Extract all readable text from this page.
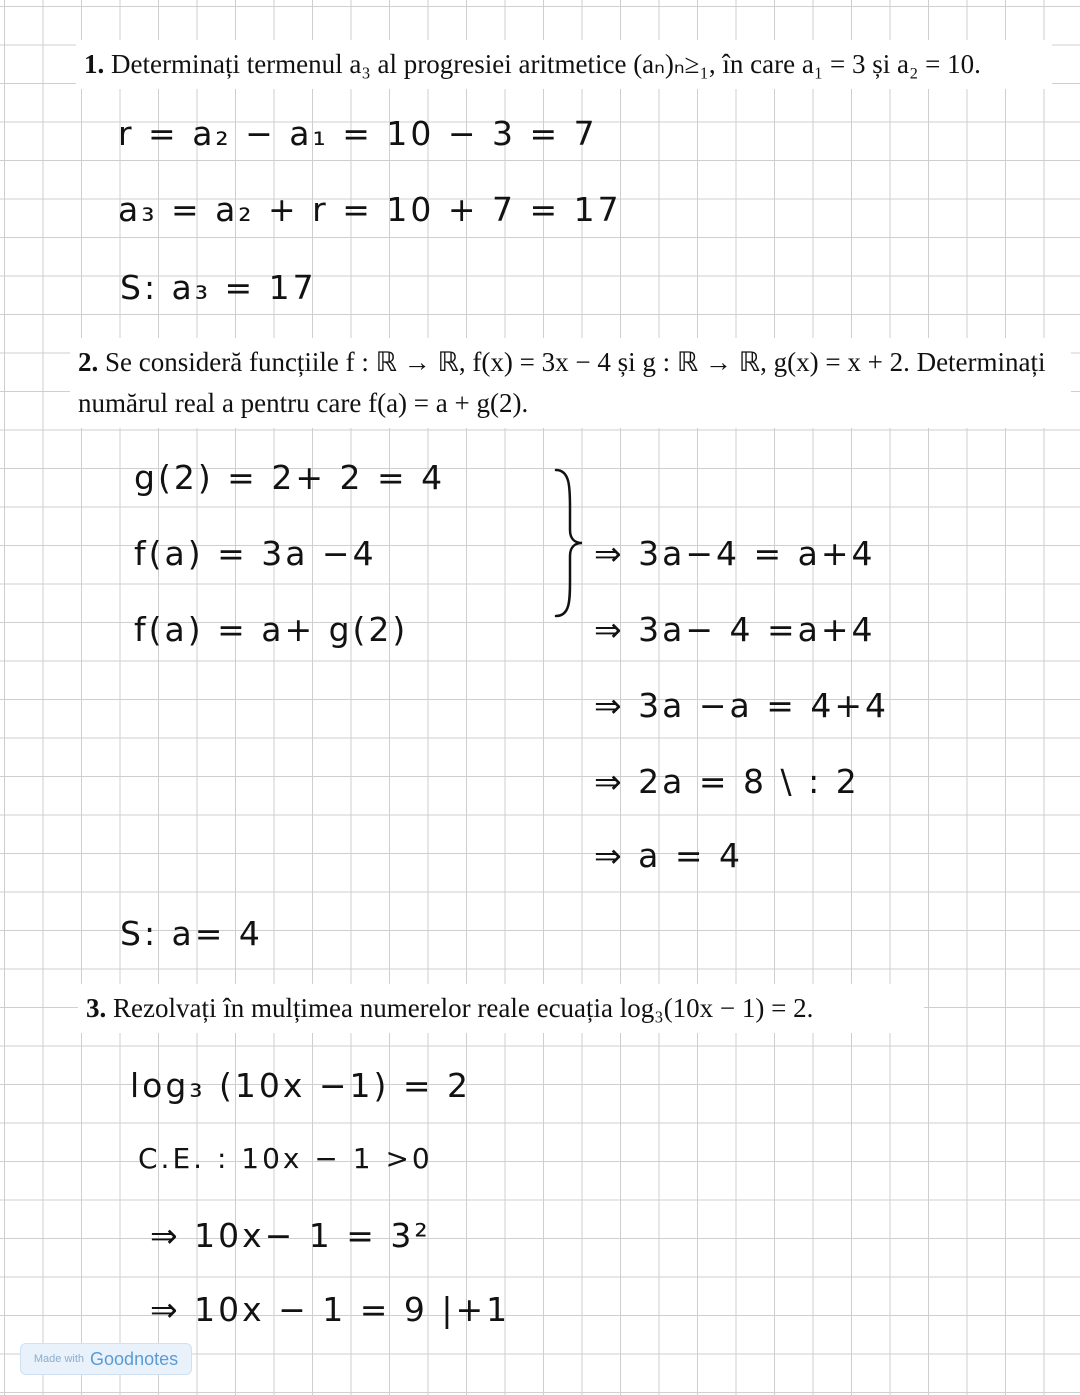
1. Determinați termenul a₃ al progresiei aritmetice (aₙ)ₙ≥₁, în care a₁ = 3 și a₂ = 10.
r = a₂ − a₁ = 10 − 3 = 7
a₃ = a₂ + r = 10 + 7 = 17
S: a₃ = 17
2. Se consideră funcțiile f : ℝ → ℝ, f(x) = 3x − 4 și g : ℝ → ℝ, g(x) = x + 2. Determinați numărul real a pentru care f(a) = a + g(2).
g(2) = 2+ 2 = 4
f(a) = 3a −4
f(a) = a+ g(2)
⇒ 3a−4 = a+4
⇒ 3a− 4 =a+4
⇒ 3a −a = 4+4
⇒ 2a = 8 \ : 2
⇒ a = 4
S: a= 4
3. Rezolvați în mulțimea numerelor reale ecuația log₃(10x − 1) = 2.
log₃ (10x −1) = 2
C.E. : 10x − 1 >0
⇒ 10x− 1 = 3²
⇒ 10x − 1 = 9 |+1
Made with Goodnotes
